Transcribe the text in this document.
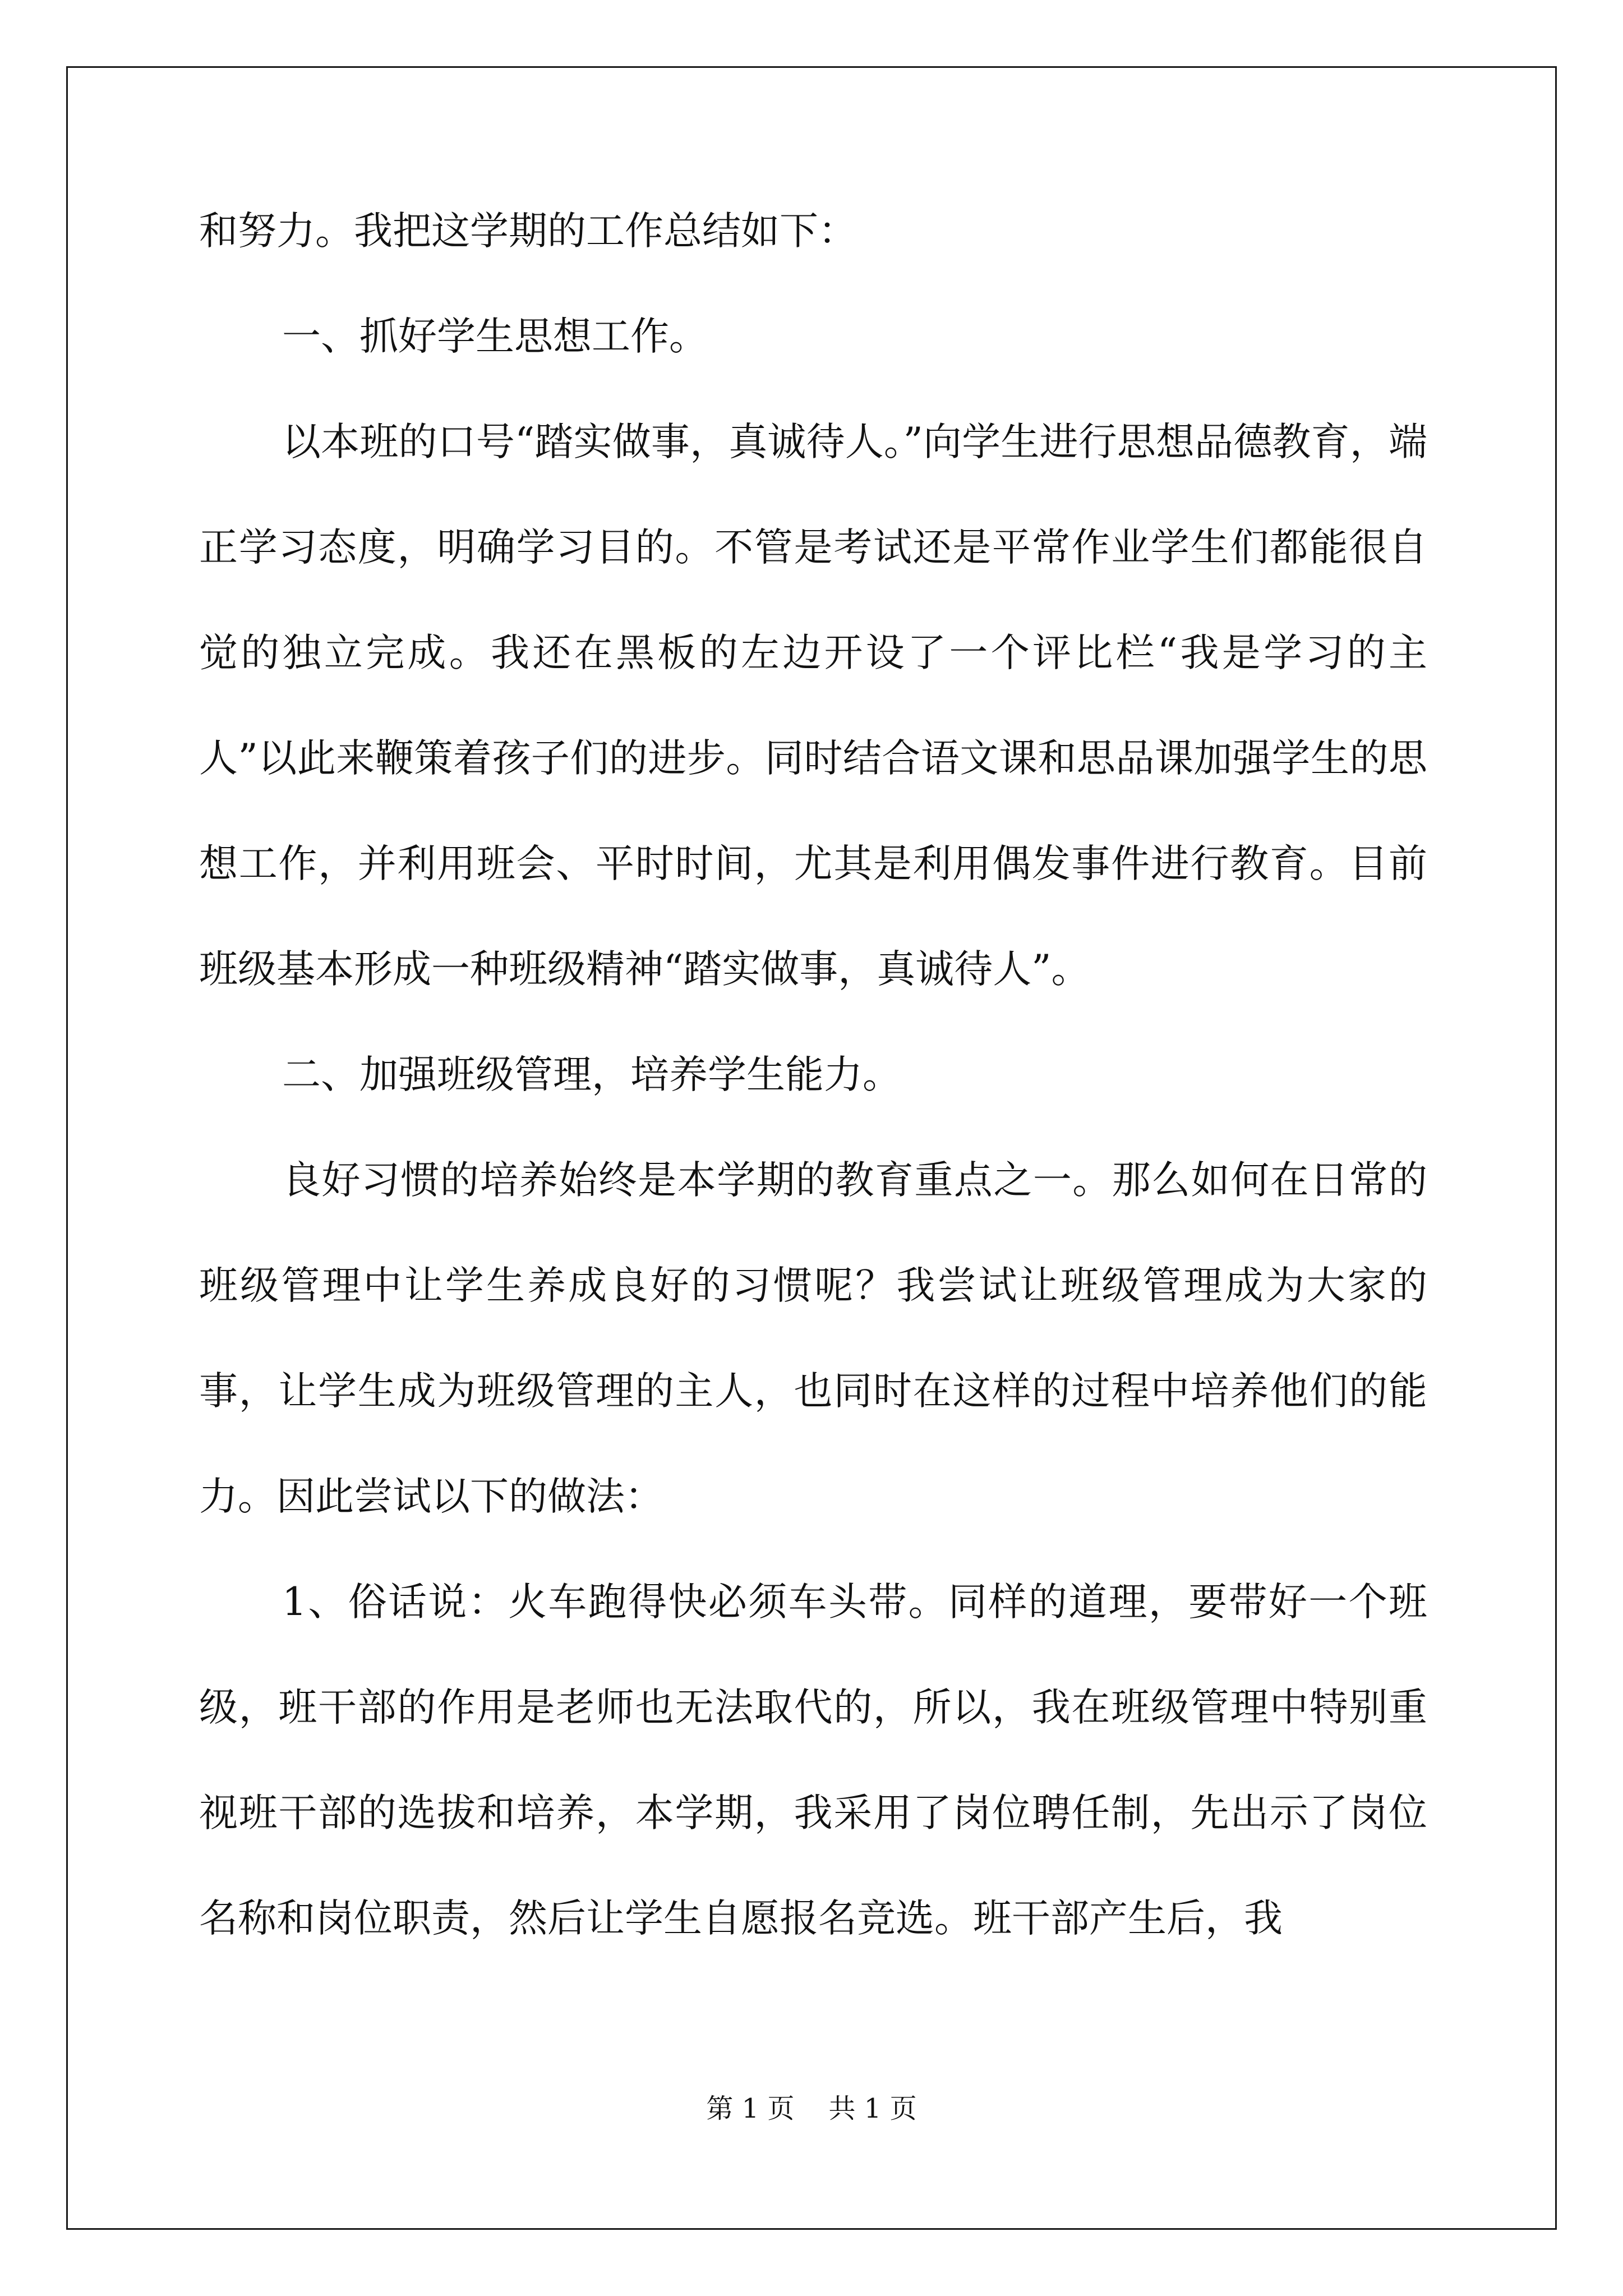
和努力。我把这学期的工作总结如下：

一、抓好学生思想工作。

以本班的口号“踏实做事，真诚待人。”向学生进行思想品德教育，端正学习态度，明确学习目的。不管是考试还是平常作业学生们都能很自觉的独立完成。我还在黑板的左边开设了一个评比栏“我是学习的主人”以此来鞭策着孩子们的进步。同时结合语文课和思品课加强学生的思想工作，并利用班会、平时时间，尤其是利用偶发事件进行教育。目前班级基本形成一种班级精神“踏实做事，真诚待人”。

二、加强班级管理，培养学生能力。

良好习惯的培养始终是本学期的教育重点之一。那么如何在日常的班级管理中让学生养成良好的习惯呢？我尝试让班级管理成为大家的事，让学生成为班级管理的主人，也同时在这样的过程中培养他们的能力。因此尝试以下的做法：

1、俗话说：火车跑得快必须车头带。同样的道理，要带好一个班级，班干部的作用是老师也无法取代的，所以，我在班级管理中特别重视班干部的选拔和培养，本学期，我采用了岗位聘任制，先出示了岗位名称和岗位职责，然后让学生自愿报名竞选。班干部产生后，我

第 1 页    共 1 页
